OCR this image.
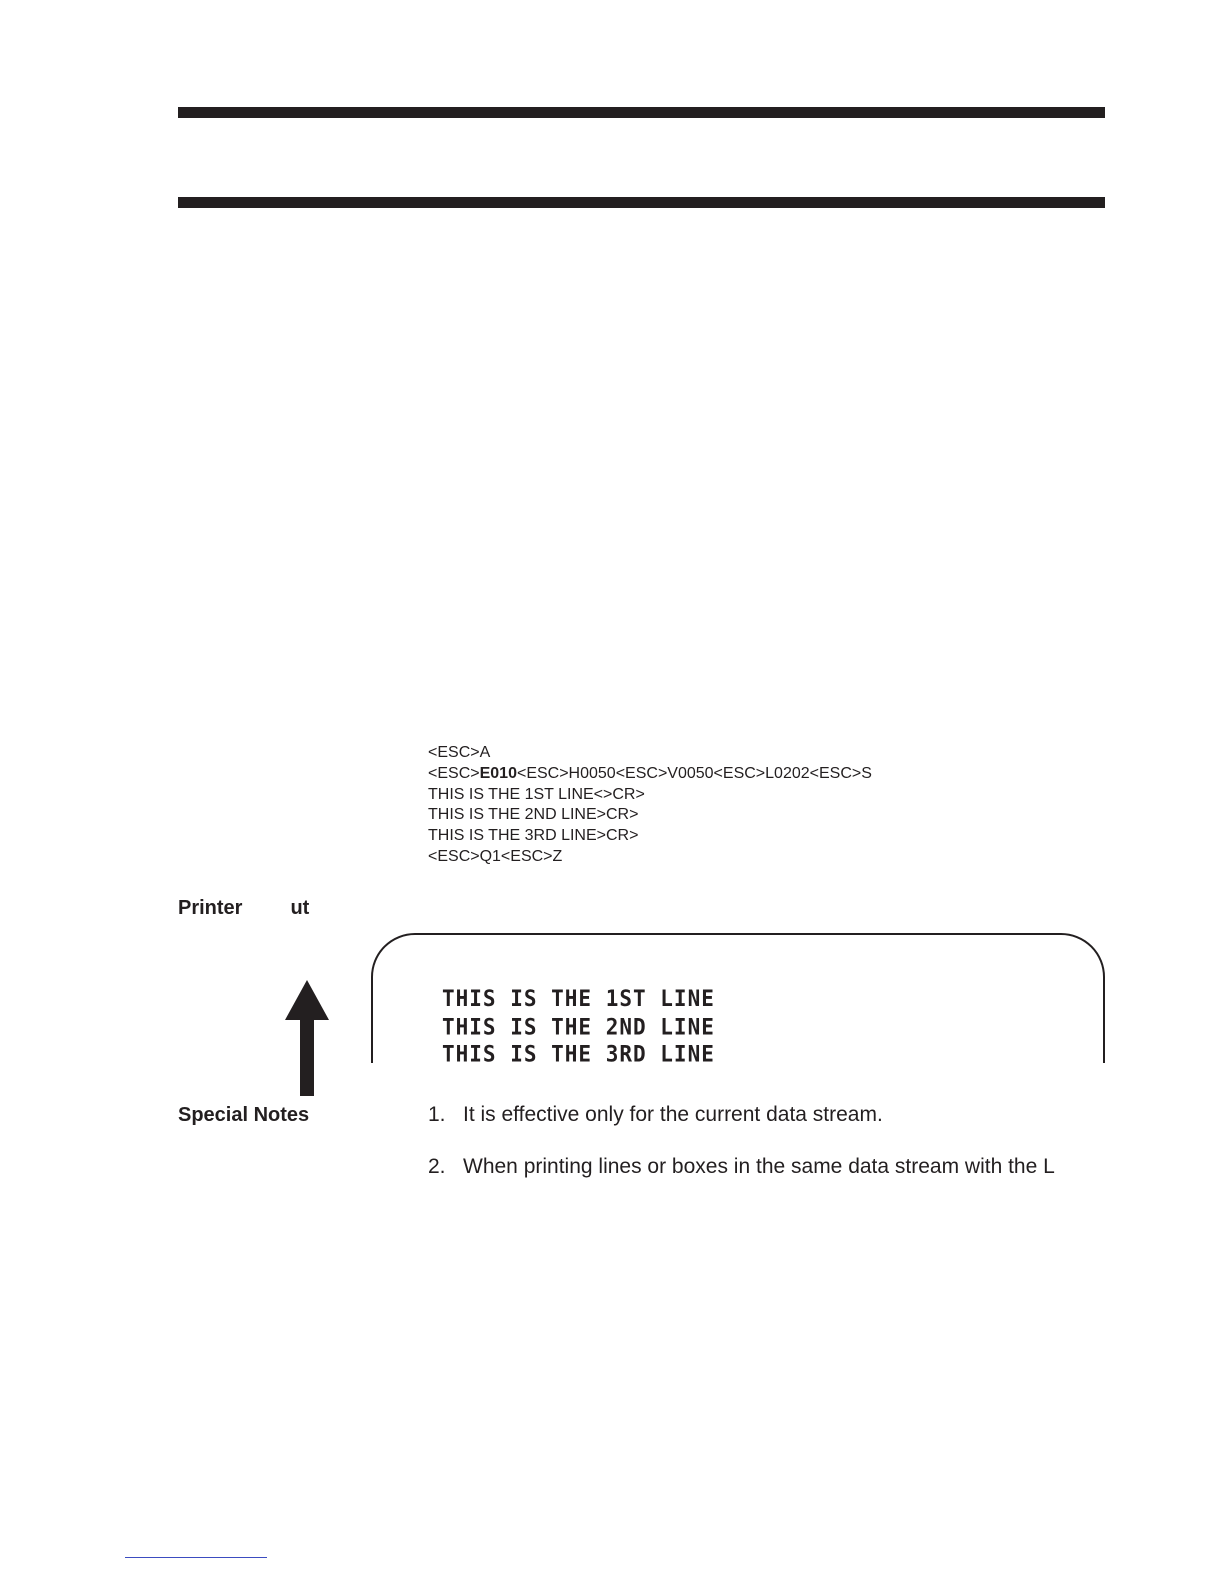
<ESC>A
<ESC>E010<ESC>H0050<ESC>V0050<ESC>L0202<ESC>S
THIS IS THE 1ST LINE<>CR>
THIS IS THE 2ND LINE>CR>
THIS IS THE 3RD LINE>CR>
<ESC>Q1<ESC>Z
Printer ut
THIS IS THE 1ST LINE
THIS IS THE 2ND LINE
THIS IS THE 3RD LINE
Special Notes	1. It is effective only for the current data stream.
2. When printing lines or boxes in the same data stream with the L
